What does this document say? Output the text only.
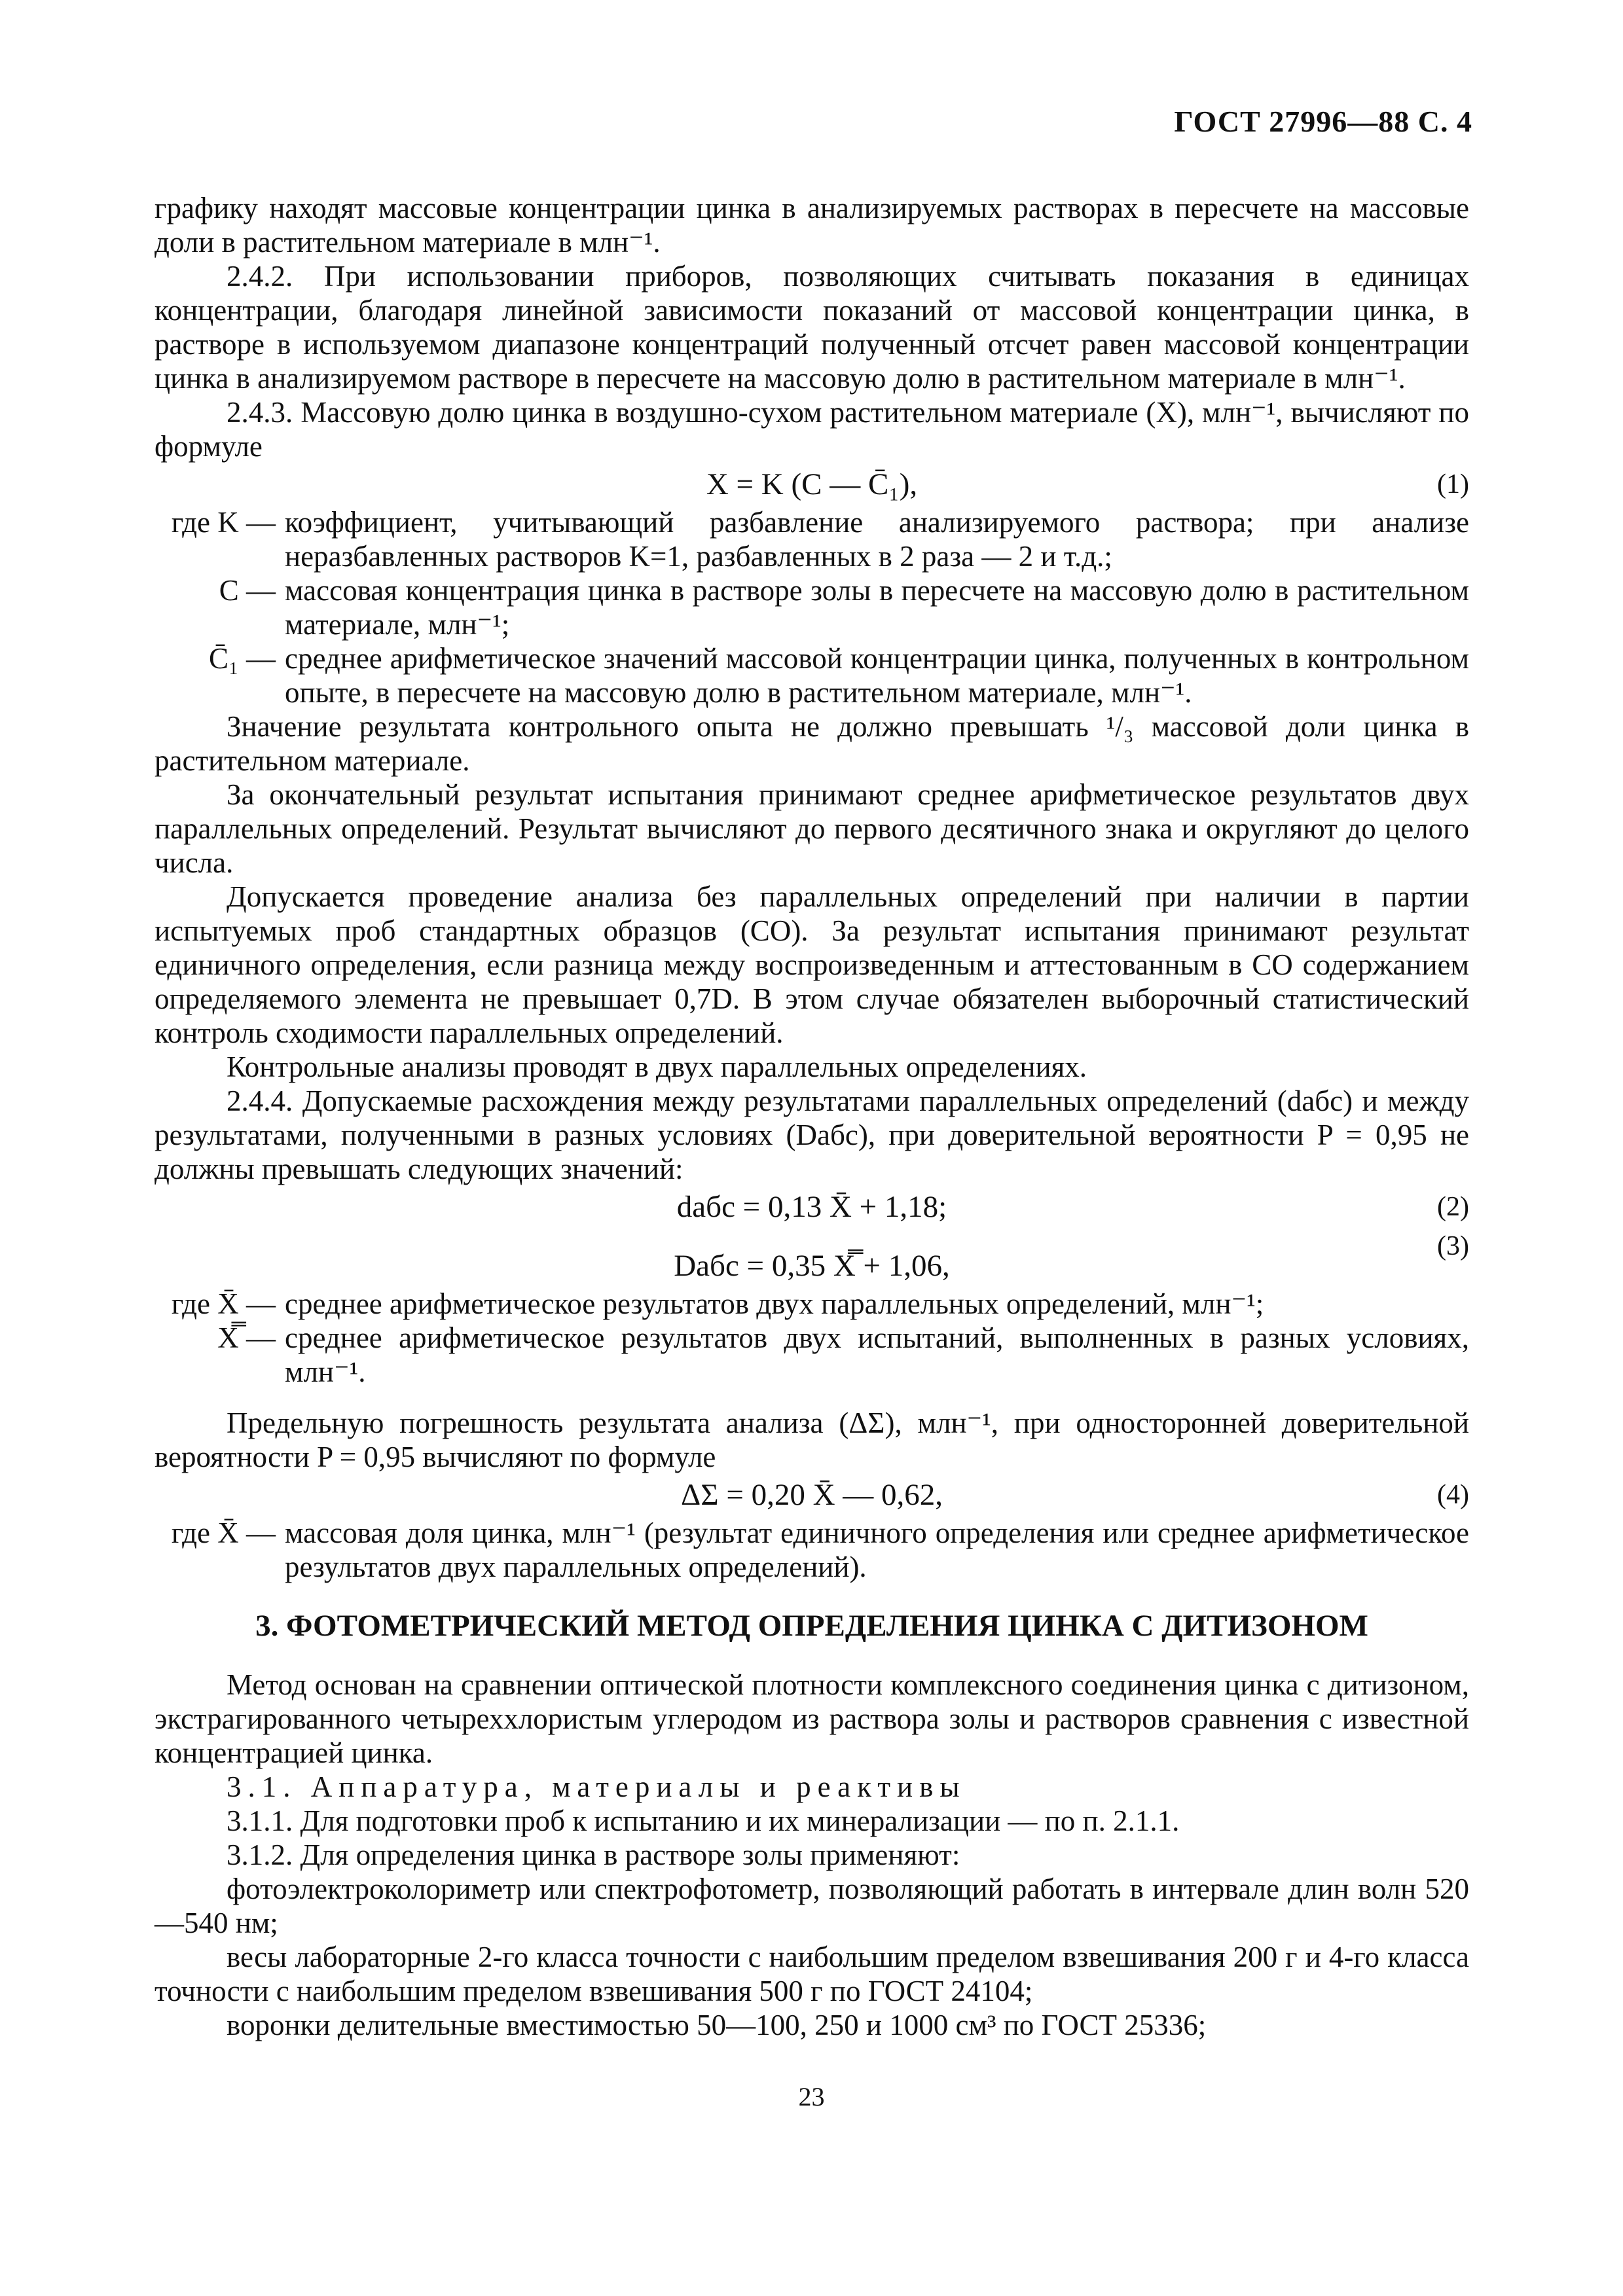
ГОСТ 27996—88 С. 4

графику находят массовые концентрации цинка в анализируемых растворах в пересчете на массовые доли в растительном материале в млн⁻¹.

2.4.2. При использовании приборов, позволяющих считывать показания в единицах концентрации, благодаря линейной зависимости показаний от массовой концентрации цинка, в растворе в используемом диапазоне концентраций полученный отсчет равен массовой концентрации цинка в анализируемом растворе в пересчете на массовую долю в растительном материале в млн⁻¹.

2.4.3. Массовую долю цинка в воздушно-сухом растительном материале (X), млн⁻¹, вычисляют по формуле

X = K (C — C̄₁),	(1)
где K — коэффициент, учитывающий разбавление анализируемого раствора; при анализе неразбавленных растворов K=1, разбавленных в 2 раза — 2 и т.д.;
C — массовая концентрация цинка в растворе золы в пересчете на массовую долю в растительном материале, млн⁻¹;
C̄₁ — среднее арифметическое значений массовой концентрации цинка, полученных в контрольном опыте, в пересчете на массовую долю в растительном материале, млн⁻¹.

Значение результата контрольного опыта не должно превышать ¹/₃ массовой доли цинка в растительном материале.

За окончательный результат испытания принимают среднее арифметическое результатов двух параллельных определений. Результат вычисляют до первого десятичного знака и округляют до целого числа.

Допускается проведение анализа без параллельных определений при наличии в партии испытуемых проб стандартных образцов (СО). За результат испытания принимают результат единичного определения, если разница между воспроизведенным и аттестованным в СО содержанием определяемого элемента не превышает 0,7D. В этом случае обязателен выборочный статистический контроль сходимости параллельных определений.

Контрольные анализы проводят в двух параллельных определениях.

2.4.4. Допускаемые расхождения между результатами параллельных определений (dабс) и между результатами, полученными в разных условиях (Dабс), при доверительной вероятности P = 0,95 не должны превышать следующих значений:

dабс = 0,13 X̄ + 1,18;	(2)
Dабс = 0,35 X̿ + 1,06,
(3)
где X̄ — среднее арифметическое результатов двух параллельных определений, млн⁻¹;
X̿ — среднее арифметическое результатов двух испытаний, выполненных в разных условиях, млн⁻¹.

Предельную погрешность результата анализа (ΔΣ), млн⁻¹, при односторонней доверительной вероятности P = 0,95 вычисляют по формуле

ΔΣ = 0,20 X̄ — 0,62,	(4)
где X̄ — массовая доля цинка, млн⁻¹ (результат единичного определения или среднее арифметическое результатов двух параллельных определений).
3. ФОТОМЕТРИЧЕСКИЙ МЕТОД ОПРЕДЕЛЕНИЯ ЦИНКА С ДИТИЗОНОМ

Метод основан на сравнении оптической плотности комплексного соединения цинка с дитизоном, экстрагированного четыреххлористым углеродом из раствора золы и растворов сравнения с известной концентрацией цинка.

3.1. Аппаратура, материалы и реактивы

3.1.1. Для подготовки проб к испытанию и их минерализации — по п. 2.1.1.

3.1.2. Для определения цинка в растворе золы применяют:

фотоэлектроколориметр или спектрофотометр, позволяющий работать в интервале длин волн 520—540 нм;

весы лабораторные 2-го класса точности с наибольшим пределом взвешивания 200 г и 4-го класса точности с наибольшим пределом взвешивания 500 г по ГОСТ 24104;

воронки делительные вместимостью 50—100, 250 и 1000 см³ по ГОСТ 25336;

23
